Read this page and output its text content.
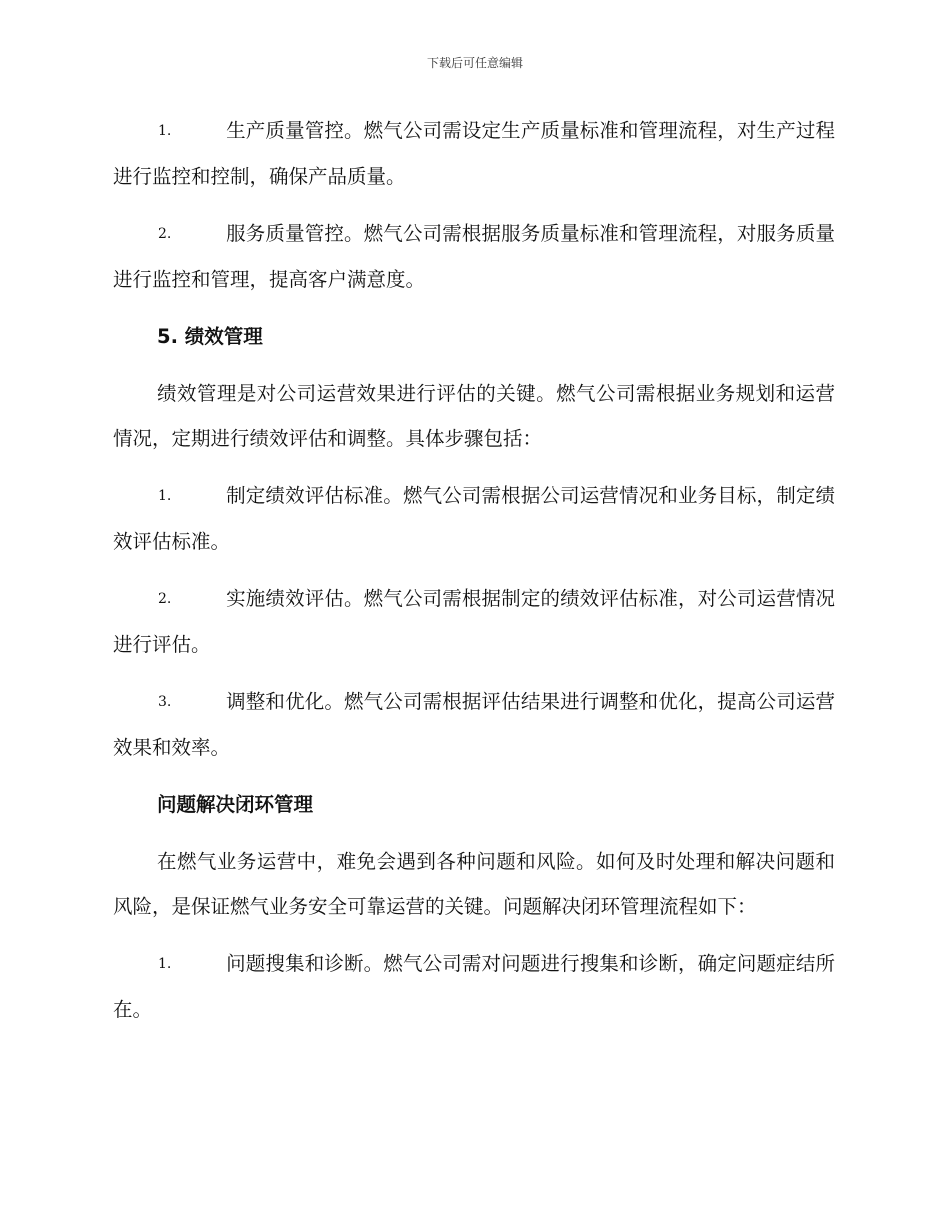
下载后可任意编辑

1.	生产质量管控。燃气公司需设定生产质量标准和管理流程，对生产过程进行监控和控制，确保产品质量。

2.	服务质量管控。燃气公司需根据服务质量标准和管理流程，对服务质量进行监控和管理，提高客户满意度。

5. 绩效管理

绩效管理是对公司运营效果进行评估的关键。燃气公司需根据业务规划和运营情况，定期进行绩效评估和调整。具体步骤包括：

1.	制定绩效评估标准。燃气公司需根据公司运营情况和业务目标，制定绩效评估标准。

2.	实施绩效评估。燃气公司需根据制定的绩效评估标准，对公司运营情况进行评估。

3.	调整和优化。燃气公司需根据评估结果进行调整和优化，提高公司运营效果和效率。

问题解决闭环管理

在燃气业务运营中，难免会遇到各种问题和风险。如何及时处理和解决问题和风险，是保证燃气业务安全可靠运营的关键。问题解决闭环管理流程如下：

1.	问题搜集和诊断。燃气公司需对问题进行搜集和诊断，确定问题症结所在。
